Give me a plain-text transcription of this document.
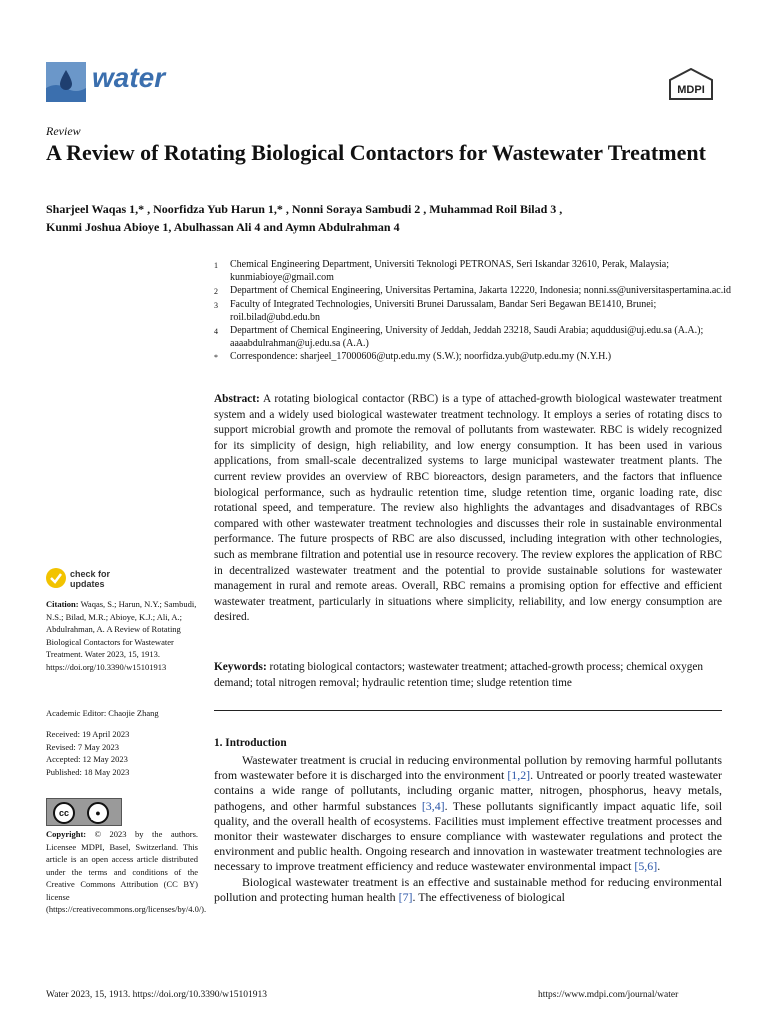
water	MDPI
Review
A Review of Rotating Biological Contactors for Wastewater Treatment
Sharjeel Waqas 1,* , Noorfidza Yub Harun 1,* , Nonni Soraya Sambudi 2 , Muhammad Roil Bilad 3 ,
Kunmi Joshua Abioye 1, Abulhassan Ali 4 and Aymn Abdulrahman 4
1	Chemical Engineering Department, Universiti Teknologi PETRONAS, Seri Iskandar 32610, Perak, Malaysia; kunmiabioye@gmail.com
2	Department of Chemical Engineering, Universitas Pertamina, Jakarta 12220, Indonesia; nonni.ss@universitaspertamina.ac.id
3	Faculty of Integrated Technologies, Universiti Brunei Darussalam, Bandar Seri Begawan BE1410, Brunei; roil.bilad@ubd.edu.bn
4	Department of Chemical Engineering, University of Jeddah, Jeddah 23218, Saudi Arabia; aquddusi@uj.edu.sa (A.A.); aaaabdulrahman@uj.edu.sa (A.A.)
*	Correspondence: sharjeel_17000606@utp.edu.my (S.W.); noorfidza.yub@utp.edu.my (N.Y.H.)
Abstract: A rotating biological contactor (RBC) is a type of attached-growth biological wastewater treatment system and a widely used biological wastewater treatment technology. It employs a series of rotating discs to support microbial growth and promote the removal of pollutants from wastewater. RBC is widely recognized for its simplicity of design, high reliability, and low energy consumption. It has been used in various applications, from small-scale decentralized systems to large municipal wastewater treatment plants. The current review provides an overview of RBC bioreactors, design parameters, and the factors that influence biological performance, such as hydraulic retention time, sludge retention time, organic loading rate, disc rotational speed, and temperature. The review also highlights the advantages and disadvantages of RBCs compared with other wastewater treatment technologies and discusses their role in sustainable environmental performance. The future prospects of RBC are also discussed, including integration with other technologies, such as membrane filtration and potential use in resource recovery. The review explores the application of RBC in decentralized wastewater treatment and the potential to provide sustainable solutions for wastewater management in rural and remote areas. Overall, RBC remains a promising option for effective and efficient wastewater treatment, particularly in situations where simplicity, reliability, and low energy consumption are desired.
Keywords: rotating biological contactors; wastewater treatment; attached-growth process; chemical oxygen demand; total nitrogen removal; hydraulic retention time; sludge retention time
1. Introduction

Wastewater treatment is crucial in reducing environmental pollution by removing harmful pollutants from wastewater before it is discharged into the environment [1,2]. Untreated or poorly treated wastewater contains a wide range of pollutants, including organic matter, nitrogen, phosphorus, heavy metals, pathogens, and other harmful substances [3,4]. These pollutants significantly impact aquatic life, soil quality, and the overall health of ecosystems. Facilities must implement effective treatment processes and monitor their wastewater discharges to ensure compliance with wastewater regulations and protect the environment and public health. Ongoing research and innovation in wastewater treatment technologies are necessary to improve treatment efficiency and reduce wastewater environmental impact [5,6].

Biological wastewater treatment is an effective and sustainable method for reducing environmental pollution and protecting human health [7]. The effectiveness of biological

check for
updates
Citation: Waqas, S.; Harun, N.Y.; Sambudi, N.S.; Bilad, M.R.; Abioye, K.J.; Ali, A.; Abdulrahman, A. A Review of Rotating Biological Contactors for Wastewater Treatment. Water 2023, 15, 1913. https://doi.org/10.3390/w15101913
Academic Editor: Chaojie Zhang
Received: 19 April 2023
Revised: 7 May 2023
Accepted: 12 May 2023
Published: 18 May 2023
cc	●
BY
Copyright: © 2023 by the authors. Licensee MDPI, Basel, Switzerland. This article is an open access article distributed under the terms and conditions of the Creative Commons Attribution (CC BY) license (https://creativecommons.org/licenses/by/4.0/).
Water 2023, 15, 1913. https://doi.org/10.3390/w15101913	https://www.mdpi.com/journal/water
